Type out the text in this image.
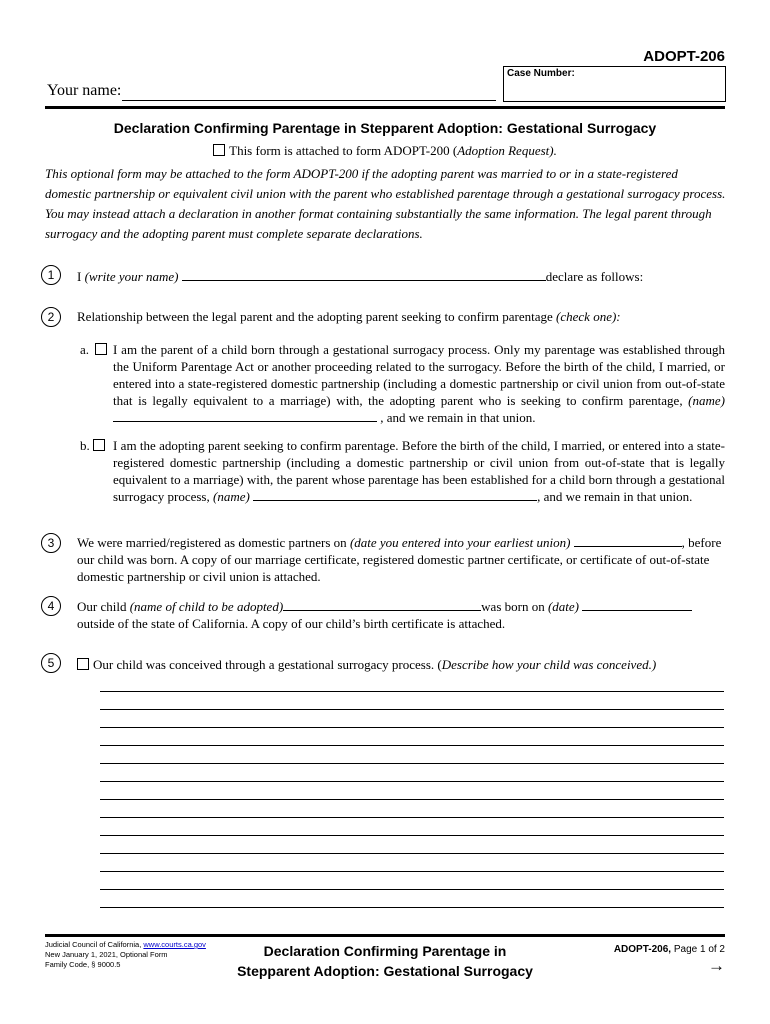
ADOPT-206
Case Number:
Your name:
Declaration Confirming Parentage in Stepparent Adoption: Gestational Surrogacy
This form is attached to form ADOPT-200 (Adoption Request).
This optional form may be attached to the form ADOPT-200 if the adopting parent was married to or in a state-registered domestic partnership or equivalent civil union with the parent who established parentage through a gestational surrogacy process. You may instead attach a declaration in another format containing substantially the same information. The legal parent through surrogacy and the adopting parent must complete separate declarations.
1	I (write your name)	declare as follows:
2	Relationship between the legal parent and the adopting parent seeking to confirm parentage (check one):
a. I am the parent of a child born through a gestational surrogacy process. Only my parentage was established through the Uniform Parentage Act or another proceeding related to the surrogacy. Before the birth of the child, I married, or entered into a state-registered domestic partnership (including a domestic partnership or civil union from out-of-state that is legally equivalent to a marriage) with, the adopting parent who is seeking to confirm parentage, (name)  , and we remain in that union.
b. I am the adopting parent seeking to confirm parentage. Before the birth of the child, I married, or entered into a state-registered domestic partnership (including a domestic partnership or civil union from out-of-state that is legally equivalent to a marriage) with, the parent whose parentage has been established for a child born through a gestational surrogacy process, (name)	, and we remain in that union.
3	We were married/registered as domestic partners on (date you entered into your earliest union)	, before our child was born. A copy of our marriage certificate, registered domestic partner certificate, or certificate of out-of-state domestic partnership or civil union is attached.
4	Our child (name of child to be adopted)	was born on (date)
outside of the state of California. A copy of our child’s birth certificate is attached.
5	Our child was conceived through a gestational surrogacy process. (Describe how your child was conceived.)
Judicial Council of California, www.courts.ca.gov
New January 1, 2021, Optional Form
Family Code, § 9000.5
Declaration Confirming Parentage in
Stepparent Adoption: Gestational Surrogacy
ADOPT-206, Page 1 of 2
→
